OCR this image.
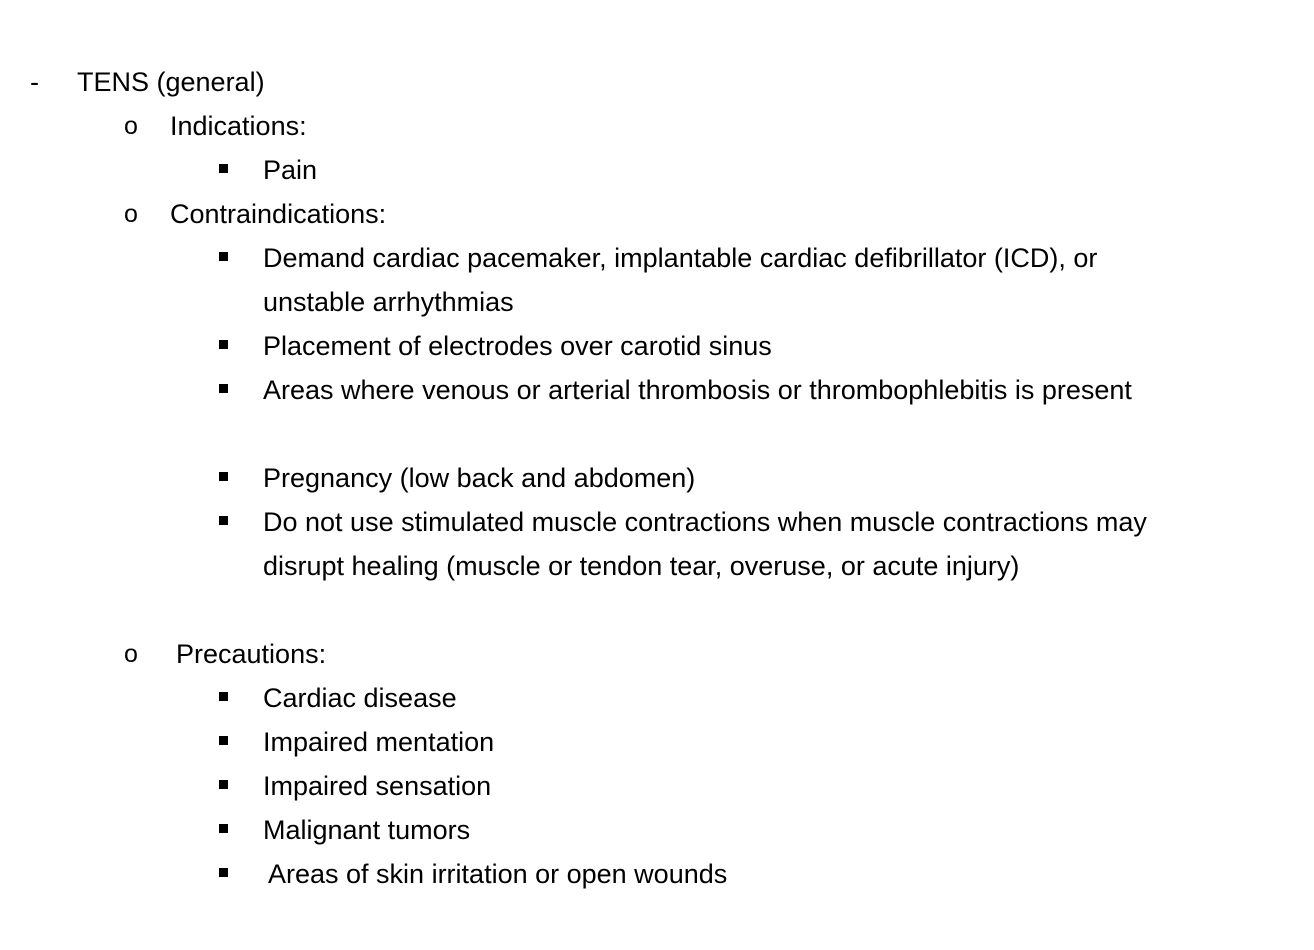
- TENS (general)
o Indications:
Pain
o Contraindications:
Demand cardiac pacemaker, implantable cardiac defibrillator (ICD), or unstable arrhythmias
Placement of electrodes over carotid sinus
Areas where venous or arterial thrombosis or thrombophlebitis is present
Pregnancy (low back and abdomen)
Do not use stimulated muscle contractions when muscle contractions may disrupt healing (muscle or tendon tear, overuse, or acute injury)
o Precautions:
Cardiac disease
Impaired mentation
Impaired sensation
Malignant tumors
Areas of skin irritation or open wounds
